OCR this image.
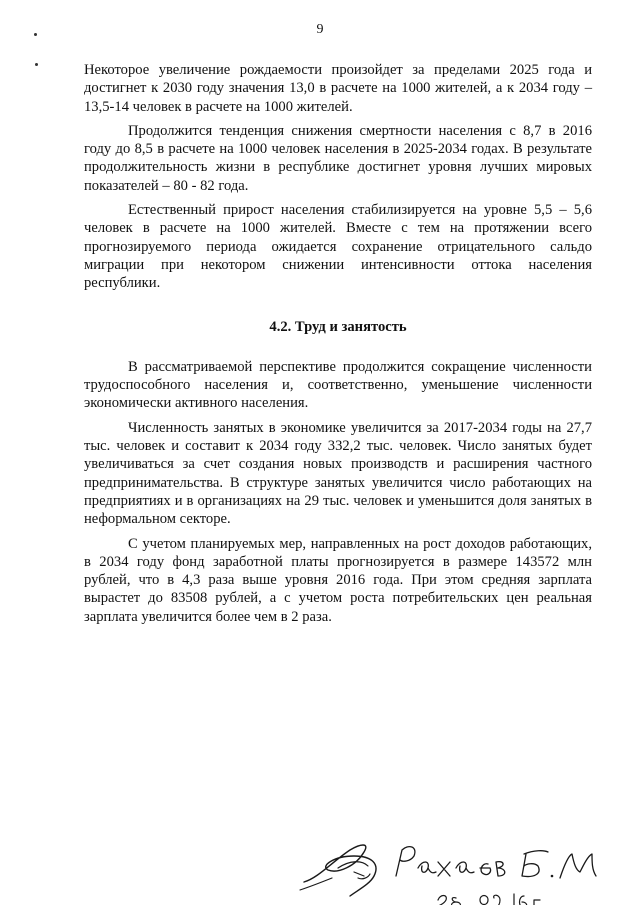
9

Некоторое увеличение рождаемости произойдет за пределами 2025 года и достигнет к 2030 году значения 13,0 в расчете на 1000 жителей, а к 2034 году – 13,5-14 человек в расчете на 1000 жителей.

Продолжится тенденция снижения смертности населения с 8,7 в 2016 году до 8,5 в расчете на 1000 человек населения в 2025-2034 годах. В результате продолжительность жизни в республике достигнет уровня лучших мировых показателей – 80 - 82 года.

Естественный прирост населения стабилизируется на уровне 5,5 – 5,6 человек в расчете на 1000 жителей. Вместе с тем на протяжении всего прогнозируемого периода ожидается сохранение отрицательного сальдо миграции при некотором снижении интенсивности оттока населения республики.

4.2. Труд и занятость

В рассматриваемой перспективе продолжится сокращение численности трудоспособного населения и, соответственно, уменьшение численности экономически активного населения.

Численность занятых в экономике увеличится за 2017-2034 годы на 27,7 тыс. человек и составит к 2034 году 332,2 тыс. человек. Число занятых будет увеличиваться за счет создания новых производств и расширения частного предпринимательства. В структуре занятых увеличится число работающих на предприятиях и в организациях на 29 тыс. человек и уменьшится доля занятых в неформальном секторе.

С учетом планируемых мер, направленных на рост доходов работающих, в 2034 году фонд заработной платы прогнозируется в размере 143572 млн рублей, что в 4,3 раза выше уровня 2016 года. При этом средняя зарплата вырастет до 83508 рублей, а с учетом роста потребительских цен реальная зарплата увеличится более чем в 2 раза.
